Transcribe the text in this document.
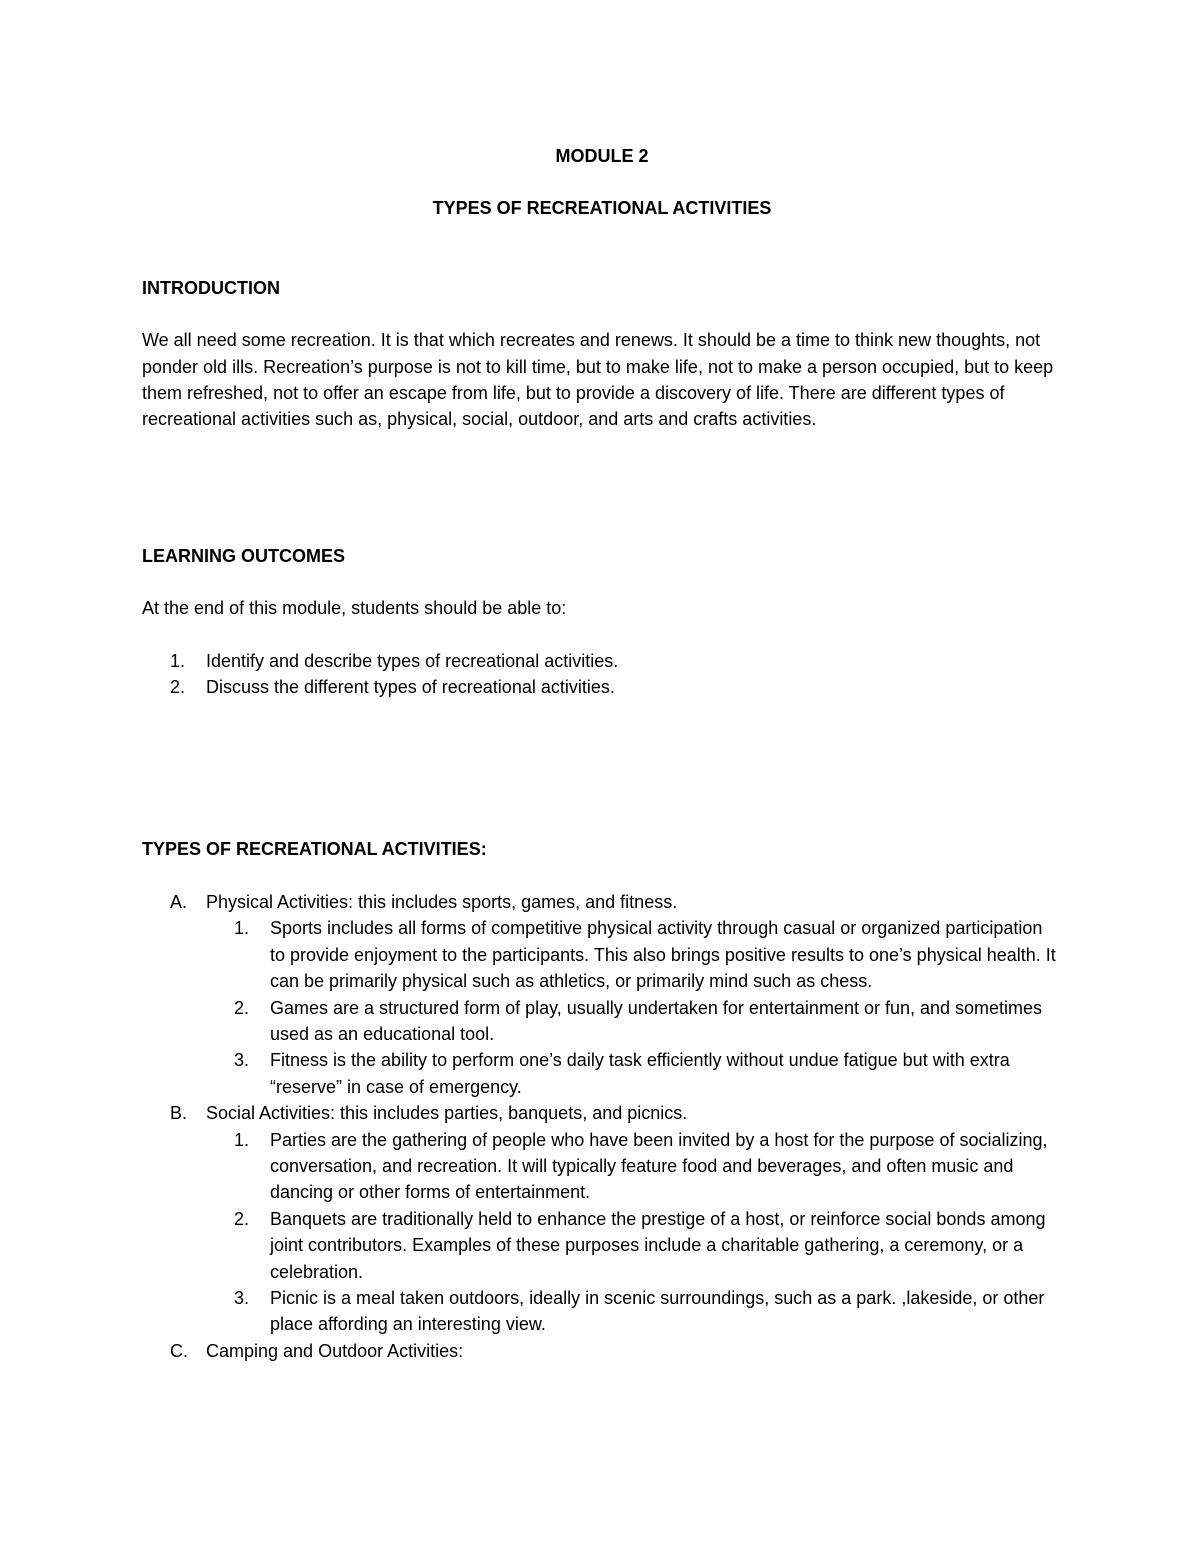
MODULE 2

TYPES OF RECREATIONAL ACTIVITIES

INTRODUCTION

We all need some recreation. It is that which recreates and renews. It should be a time to think new thoughts, not ponder old ills. Recreation’s purpose is not to kill time, but to make life, not to make a person occupied, but to keep them refreshed, not to offer an escape from life, but to provide a discovery of life. There are different types of recreational activities such as, physical, social, outdoor, and arts and crafts activities.

LEARNING OUTCOMES

At the end of this module, students should be able to:

1. Identify and describe types of recreational activities.
2. Discuss the different types of recreational activities.

TYPES OF RECREATIONAL ACTIVITIES:

A. Physical Activities: this includes sports, games, and fitness.
1. Sports includes all forms of competitive physical activity through casual or organized participation to provide enjoyment to the participants. This also brings positive results to one’s physical health. It can be primarily physical such as athletics, or primarily mind such as chess.
2. Games are a structured form of play, usually undertaken for entertainment or fun, and sometimes used as an educational tool.
3. Fitness is the ability to perform one’s daily task efficiently without undue fatigue but with extra “reserve” in case of emergency.
B. Social Activities: this includes parties, banquets, and picnics.
1. Parties are the gathering of people who have been invited by a host for the purpose of socializing, conversation, and recreation. It will typically feature food and beverages, and often music and dancing or other forms of entertainment.
2. Banquets are traditionally held to enhance the prestige of a host, or reinforce social bonds among joint contributors. Examples of these purposes include a charitable gathering, a ceremony, or a celebration.
3. Picnic is a meal taken outdoors, ideally in scenic surroundings, such as a park. ,lakeside, or other place affording an interesting view.
C. Camping and Outdoor Activities:
